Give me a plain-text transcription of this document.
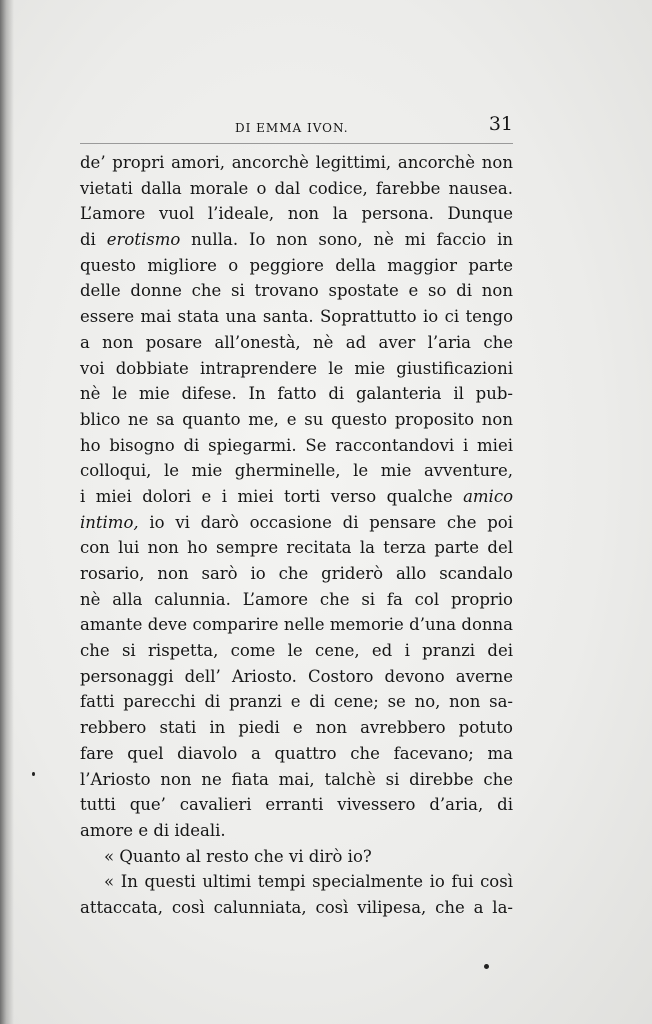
DI EMMA IVON.	31
de’ propri amori, ancorchè legittimi, ancorchè non
vietati dalla morale o dal codice, farebbe nausea.
L’amore vuol l’ideale, non la persona. Dunque
di erotismo nulla. Io non sono, nè mi faccio in
questo migliore o peggiore della maggior parte
delle donne che si trovano spostate e so di non
essere mai stata una santa. Soprattutto io ci tengo
a non posare all’onestà, nè ad aver l’aria che
voi dobbiate intraprendere le mie giustificazioni
nè le mie difese. In fatto di galanteria il pub-
blico ne sa quanto me, e su questo proposito non
ho bisogno di spiegarmi. Se raccontandovi i miei
colloqui, le mie gherminelle, le mie avventure,
i miei dolori e i miei torti verso qualche amico
intimo, io vi darò occasione di pensare che poi
con lui non ho sempre recitata la terza parte del
rosario, non sarò io che griderò allo scandalo
nè alla calunnia. L’amore che si fa col proprio
amante deve comparire nelle memorie d’una donna
che si rispetta, come le cene, ed i pranzi dei
personaggi dell’ Ariosto. Costoro devono averne
fatti parecchi di pranzi e di cene; se no, non sa-
rebbero stati in piedi e non avrebbero potuto
fare quel diavolo a quattro che facevano; ma
l’Ariosto non ne fiata mai, talchè si direbbe che
tutti que’ cavalieri erranti vivessero d’aria, di
amore e di ideali.
« Quanto al resto che vi dirò io?
« In questi ultimi tempi specialmente io fui così
attaccata, così calunniata, così vilipesa, che a la-
